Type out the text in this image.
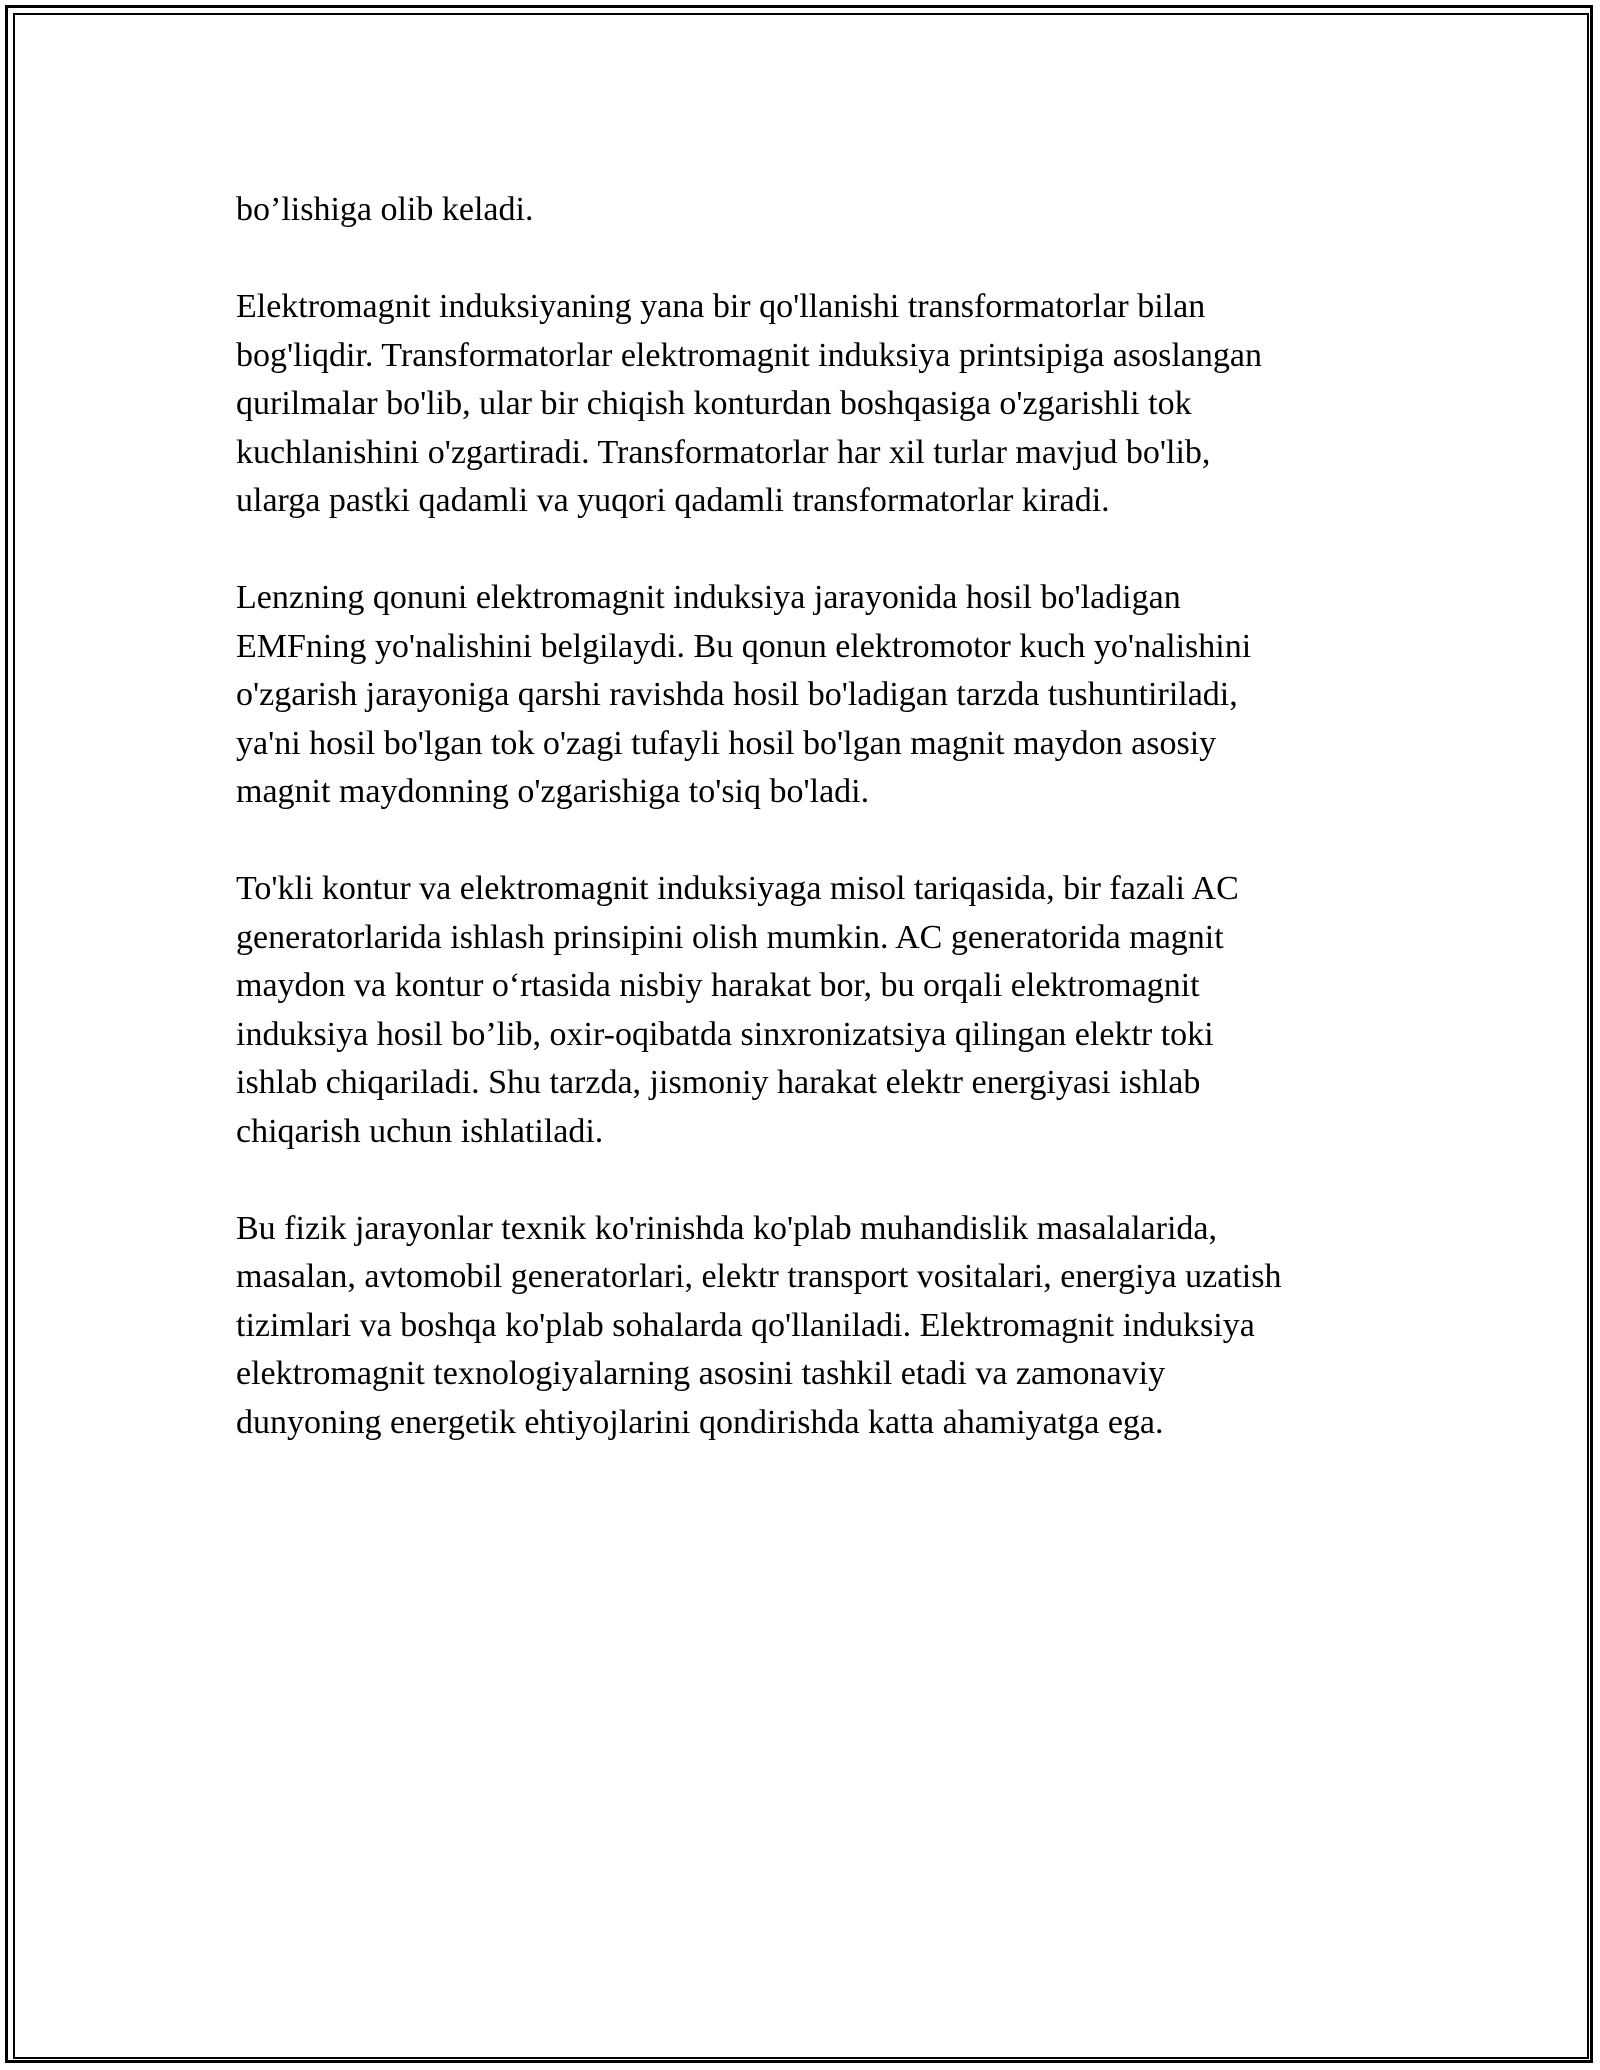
bo’lishiga olib keladi.

Elektromagnit induksiyaning yana bir qo'llanishi transformatorlar bilan
bog'liqdir. Transformatorlar elektromagnit induksiya printsipiga asoslangan
qurilmalar bo'lib, ular bir chiqish konturdan boshqasiga o'zgarishli tok
kuchlanishini o'zgartiradi. Transformatorlar har xil turlar mavjud bo'lib,
ularga pastki qadamli va yuqori qadamli transformatorlar kiradi.

Lenzning qonuni elektromagnit induksiya jarayonida hosil bo'ladigan
EMFning yo'nalishini belgilaydi. Bu qonun elektromotor kuch yo'nalishini
o'zgarish jarayoniga qarshi ravishda hosil bo'ladigan tarzda tushuntiriladi,
ya'ni hosil bo'lgan tok o'zagi tufayli hosil bo'lgan magnit maydon asosiy
magnit maydonning o'zgarishiga to'siq bo'ladi.

To'kli kontur va elektromagnit induksiyaga misol tariqasida, bir fazali AC
generatorlarida ishlash prinsipini olish mumkin. AC generatorida magnit
maydon va kontur o‘rtasida nisbiy harakat bor, bu orqali elektromagnit
induksiya hosil bo’lib, oxir-oqibatda sinxronizatsiya qilingan elektr toki
ishlab chiqariladi. Shu tarzda, jismoniy harakat elektr energiyasi ishlab
chiqarish uchun ishlatiladi.

Bu fizik jarayonlar texnik ko'rinishda ko'plab muhandislik masalalarida,
masalan, avtomobil generatorlari, elektr transport vositalari, energiya uzatish
tizimlari va boshqa ko'plab sohalarda qo'llaniladi. Elektromagnit induksiya
elektromagnit texnologiyalarning asosini tashkil etadi va zamonaviy
dunyoning energetik ehtiyojlarini qondirishda katta ahamiyatga ega.
